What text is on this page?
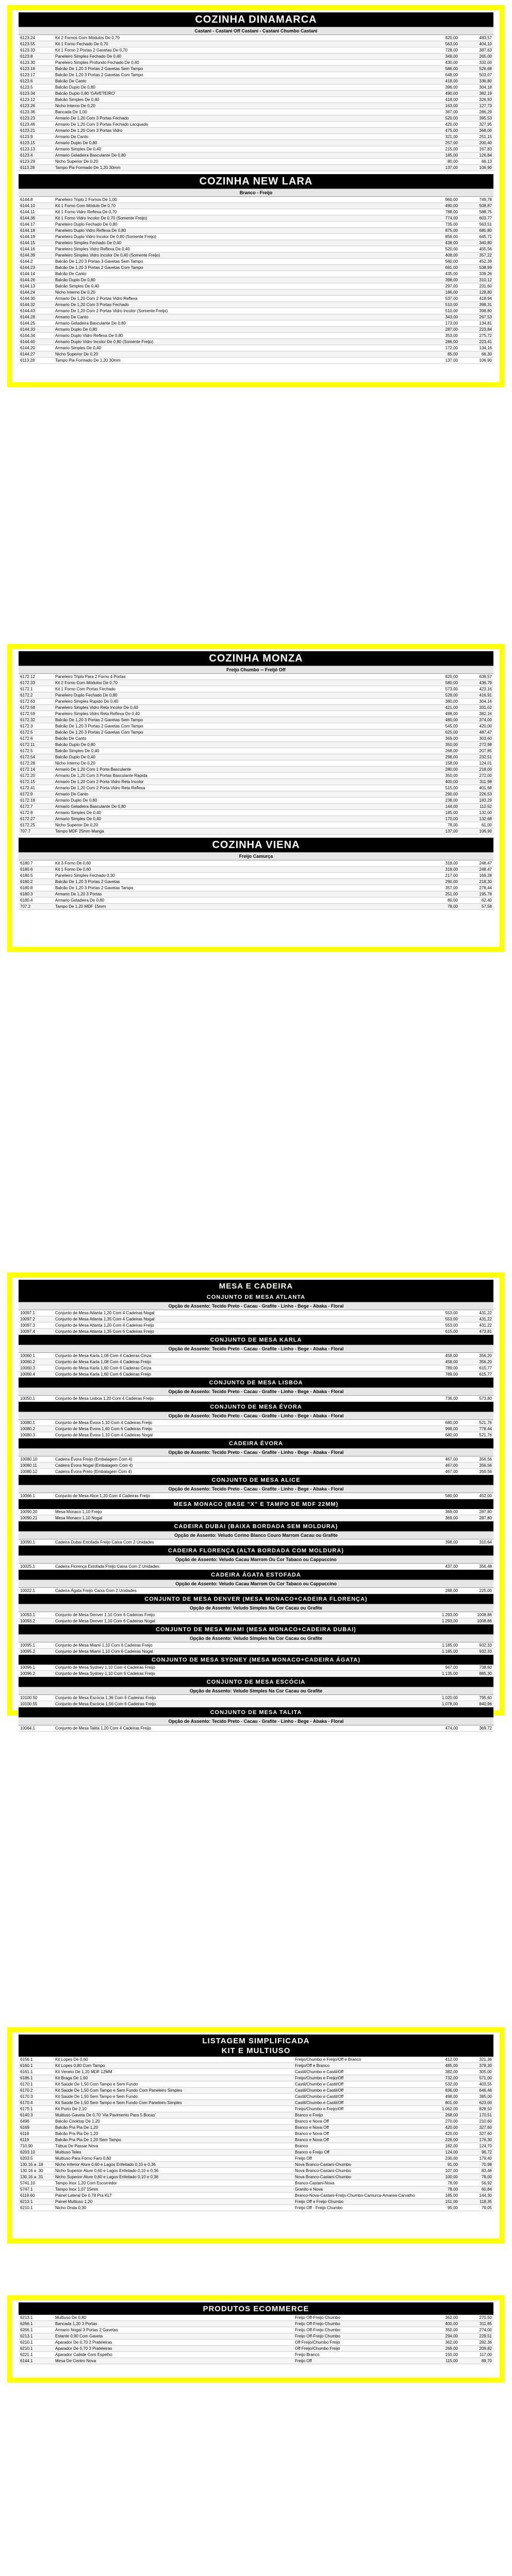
COZINHA DINAMARCA
Castani - Castani Off Castani - Castani Chumbo Castani
6123.24	Kit 2 Fornos Com Módulos De 0,70	820,00	483,57
6123.55	Kit 1 Forno Fechado De 0,70	563,00	404,10
6123.33	Kit 1 Forno 2 Portas 2 Gavetas De 0,70	728,00	387,63
6123.8	Paneleiro Simples Fechado De 0,40	349,00	265,00
6123.30	Paneleiro Simples Profundo Fechado De 0,40	430,00	332,00
6123.16	Balcão De 1,20 3 Portas 2 Gavetas Sem Tampo	586,00	526,68
6123.17	Balcão De 1,20 3 Portas 2 Gavetas Com Tampo	648,00	503,07
6123.6	Balcão De Canto	418,00	336,80
6123.5	Balcão Duplo De 0,80	396,00	304,18
6123.34	Balcão Duplo 0,80 'GAVETEIRO'	490,00	382,19
6123.12	Balcão Simples De 0,40	418,00	326,93
6123.26	Nicho Interno De 0,20	163,00	127,73
6123.36	Bancada De 1,00	367,00	286,29
6123.23	Armario De 1,20 Com 3 Portas Fechado	520,00	395,53
6123.46	Armario De 1,20 Com 3 Portas Fechado Lacquado	420,00	327,95
6123.21	Armario De 1,20 Com 3 Portas Vidro	475,00	368,00
6123.9	Armario De Canto	321,00	251,15
6123.15	Armario Duplo De 0,80	257,00	200,40
6123.13	Armario Simples De 0,40	215,00	167,83
6123.4	Armario Geladeira Basculante De 0,80	185,00	126,84
6123.29	Nicho Superior De 0,20	80,00	66,13
6113.28	Tampo Pia Formado De 1,20 30mm	137,00	106,90
COZINHA NEW LARA
Branco - Freijo
6144.8	Paneleiro Triplo 2 Fornos De 1,00	960,00	749,78
6144.10	Kit 1 Forno Com Módulo De 0,70	490,00	508,87
6144.11	Kit 1 Forno Vidro Reflexa De 0,70	788,00	588,75
6144.36	Kit 1 Forno Vidro Incolor De 0,70 (Somente Freijo)	774,00	603,77
6144.17	Paneleiro Duplo Fechado De 0,80	735,00	563,51
6144.18	Paneleiro Duplo Vidro Reflexa De 0,80	875,00	680,80
6144.19	Paneleiro Duplo Vidro Incolor De 0,80 (Somente Freijo)	856,00	645,71
6144.15	Paneleiro Simples Fechado De 0,40	438,00	340,80
6144.16	Paneleiro Simples Vidro Reflexa De 0,40	520,00	405,56
6144.39	Paneleiro Simples Vidro Incolor De 0,40 (Somente Freijo)	408,00	357,22
6144.2	Balcão De 1,20 3 Portas 3 Gavetas Sem Tampo	580,00	452,39
6144.23	Balcão De 1,20 3 Portas 2 Gavetas Com Tampo	691,00	538,99
6144.14	Balcão De Canto	435,00	339,26
6144.26	Balcão Duplo De 0,80	398,00	310,12
6144.13	Balcão Simples De 0,40	297,00	231,60
6144.24	Nicho Interno De 0,20	186,00	128,80
6144.30	Armario De 1,20 Com 2 Portas Vidro Reflexa	537,00	418,94
6144.32	Armario De 1,20 Com 3 Portas Fechado	510,00	398,31
6144.43	Armario De 1,20 Com 2 Portas Vidro Incolor (Somente Freijo)	510,00	398,80
6144.28	Armario De Canto	343,00	267,53
6144.25	Armario Geladeira Basculante De 0,80	173,00	134,81
6144.33	Armario Duplo De 0,80	287,00	223,84
6144.34	Armario Duplo Vidro Reflexa De 0,80	353,00	275,72
6144.40	Armario Duplo Vidro Incolor De 0,80 (Somente Freijo)	286,00	223,41
6144.20	Armario Simples De 0,40	172,00	134,16
6144.27	Nicho Superior De 0,20	85,00	66,30
6113.28	Tampo Pia Formado De 1,20 30mm	137,00	106,90
COZINHA MONZA
Freijo Chumbo -- Freijó Off
6172.12	Paneleiro Triplo Para 2 Forno 4 Portas	820,00	639,57
6172.33	Kit 2 Forno Com Módulos De 0,70	580,00	436,79
6172.1	Kit 1 Forno Com Portas Fechado	573,00	423,16
6172.2	Paneleiro Duplo Fechado De 0,80	528,00	416,91
6172.63	Paneleiro Simples Rupido De 0,40	380,00	304,16
6172.58	Paneleiro Simples Vidro Reta Incolor De 0,40	421,00	331,02
6172.59	Paneleiro Simples Vidro Reta Reflexa De 0,40	498,00	382,16
6172.32	Balcão De 1,20 3 Portas 2 Gavetas Sem Tampo	480,00	374,00
6172.3	Balcão De 1,20 3 Portas 2 Gavetas Com Tampo	545,00	420,00
6172.5	Balcão De 1,20 3 Portas 2 Gavetas Com Tampo	625,00	487,47
6172.6	Balcão De Canto	369,00	303,60
6172.11	Balcão Duplo De 0,80	350,00	272,98
6172.5	Balcão Simples De 0,40	268,00	207,85
6172.54	Balcão Duplo De 0,40	298,00	232,51
6172.28	Nicho Interno De 0,20	158,00	124,01
6172.14	Armario De 1,20 Com 1 Porta Basculante	280,00	218,00
6172.20	Armario De 1,20 Com 3 Portas Basculante Rapida	350,00	272,00
6172.15	Armario De 1,20 Com 2 Porta Vidro Reta Incolor	400,00	311,98
6172.41	Armario De 1,20 Com 2 Porta Vidro Reta Reflexa	515,00	401,68
6172.9	Armario De Canto	290,00	226,53
6172.18	Armario Duplo De 0,80	238,00	183,29
6172.7	Armario Geladeira Basculante De 0,80	144,00	112,52
6172.8	Armario Simples De 0,40	185,00	132,00
6172.27	Armario Simples De 0,40	170,00	132,68
6172.25	Nicho Superior De 0,20	78,00	61,00
707.7	Tampo MDF 25mm Manga	137,00	106,90
COZINHA VIENA
Freijo Camurça
6180.7	Kit 3 Forno De 0,60	318,00	248,47
6180.6	Kit 1 Forno De 0,60	318,00	248,47
6180.5	Paneleiro Simples Fechado 0,30	217,00	169,28
6180.2	Balcão De 1,20 3 Portas 2 Gavetas	290,00	218,30
6180.8	Balcão De 1,20 3 Portas 2 Gavetas Tampo	357,00	278,44
6180.3	Armario De 1,20 3 Portas	251,00	195,78
6180.4	Armario Geladeira De 0,80	80,00	62,40
707.2	Tampo De 1,20 MDF 15mm	78,00	57,58
MESA E CADEIRA
CONJUNTO DE MESA ATLANTA
Opção de Assento: Tecido Preto - Cacau - Grafite - Linho - Bege - Abaka - Floral
10097.1	Conjunto de Mesa Atlanta 1,20 Com 4 Cadeiras Nogal	553,00	431,22
10097.2	Conjunto de Mesa Atlanta 1,35 Com 4 Cadeiras Nogal	553,00	431,22
10097.3	Conjunto de Mesa Atlanta 1,20 Com 4 Cadeiras Freijo	553,00	431,22
10097.4	Conjunto de Mesa Atlanta 1,35 Com 6 Cadeiras Freijo	615,00	473,81
CONJUNTO DE MESA KARLA
Opção de Assento: Tecido Preto - Cacau - Grafite - Linho - Bege - Abaka - Floral
10060.1	Conjunto de Mesa Karla 1,08 Com 4 Cadeiras Cinza	458,00	356,20
10060.2	Conjunto de Mesa Karla 1,08 Com 4 Cadeiras Freijo	458,00	356,20
10060.3	Conjunto de Mesa Karla 1,60 Com 6 Cadeiras Cinza	789,00	615,77
10060.4	Conjunto de Mesa Karla 1,60 Com 6 Cadeiras Freijo	789,00	615,77
CONJUNTO DE MESA LISBOA
Opção de Assento: Tecido Preto - Cacau - Grafite - Linho - Bege - Abaka - Floral
10050.1	Conjunto de Mesa Lisboa 1,20 Com 4 Cadeiras Freijo	736,00	573,80
CONJUNTO DE MESA ÉVORA
Opção de Assento: Tecido Preto - Cacau - Grafite - Linho - Bege - Abaka - Floral
10080.1	Conjunto de Mesa Évora 1,10 Com 4 Cadeiras Freijo	680,00	521,76
10080.2	Conjunto de Mesa Évora 1,60 Com 6 Cadeiras Freijo	998,00	778,44
10080.3	Conjunto de Mesa Évora 1,10 Com 4 Cadeiras Nogal	680,00	521,76
CADEIRA ÉVORA
Opção de Assento: Tecido Preto - Cacau - Grafite - Linho - Bege - Abaka - Floral
10080.10	Cadeira Évora Freijo (Embalagem Com 4)	467,00	356,56
10080.11	Cadeira Évora Nogal (Embalagem Com 4)	467,00	356,56
10080.12	Cadeira Évora Preto (Embalagem Com 4)	467,00	356,56
CONJUNTO DE MESA ALICE
Opção de Assento: Tecido Preto - Cacau - Grafite - Linho - Bege - Abaka - Floral
10066.1	Conjunto de Mesa Alice 1,20 Com 4 Cadeiras Freijo	580,00	452,00
MESA MONACO (BASE "X" E TAMPO DE MDF 22MM)
10090.20	Mesa Monaco 1,10 Freijo	369,00	287,80
10090.21	Mesa Monaco 1,10 Nogal	369,00	287,80
CADEIRA DUBAI (BAIXA BORDADA SEM MOLDURA)
Opção de Assento: Veludo Corino Blanco Couro Marrom Cacau ou Grafite
10090.1	Cadeira Dubai Estofada Freijo Caixa Com 2 Unidades	398,00	310,64
CADEIRA FLORENÇA (ALTA BORDADA COM MOLDURA)
Opção de Assento: Veludo Cacau Marrom Ou Cor Tabaco ou Cappuccino
10025.1	Cadeira Florença Estofada Freijo Caixa Com 2 Unidades	437,00	356,48
CADEIRA ÁGATA ESTOFADA
Opção de Assento: Veludo Cacau Marrom Ou Cor Tabaco ou Cappuccino
10022.1	Cadeira Ágata Freijo Caixa Com 2 Unidades	288,00	225,00
CONJUNTO DE MESA DENVER (MESA MONACO+CADEIRA FLORENÇA)
Opção de Assento: Veludo Simples Na Cor Cacau ou Grafite
10093.1	Conjunto de Mesa Denver 1,10 Com 6 Cadeiras Freijo	1.293,00	1008,86
10093.2	Conjunto de Mesa Denver 1,10 Com 6 Cadeiras Nogal	1.293,00	1008,86
CONJUNTO DE MESA MIAMI (MESA MONACO+CADEIRA DUBAI)
Opção de Assento: Veludo Simples Na Cor Cacau ou Grafite
10095.1	Conjunto de Mesa Miami 1,10 Com 6 Cadeiras Freijo	1.185,00	932,33
10095.2	Conjunto de Mesa Miami 1,10 Com 6 Cadeiras Nogal	1.185,00	932,33
CONJUNTO DE MESA SYDNEY (MESA MONACO+CADEIRA ÁGATA)
10096.1	Conjunto de Mesa Sydney 1,10 Com 4 Cadeiras Freijo	947,00	738,60
10096.2	Conjunto de Mesa Sydney 1,10 Com 6 Cadeiras Freijo	1.135,00	885,30
CONJUNTO DE MESA ESCÓCIA
Opção de Assento: Veludo Simples Na Cor Cacau ou Grafite
10100.50	Conjunto de Mesa Escócia 1,36 Com 6 Cadeiras Freijo	1.020,00	795,60
10100.55	Conjunto de Mesa Escócia 1,56 Com 6 Cadeiras Freijo	1.078,00	840,96
CONJUNTO DE MESA TALITA
Opção de Assento: Tecido Preto - Cacau - Grafite - Linho - Bege - Abaka - Floral
10064.1	Conjunto de Mesa Talita 1,20 Com 4 Cadeiras Freijo	474,00	369,72
LISTAGEM SIMPLIFICADA
KIT E MULTIUSO
6156.1	Kit Lopes De 0,60	Freijo/Chumbo e Freijo/Off e Branco	412,00	321,36
6160.1	Kit Lopes 0,80 Com Tampo	Freijo/Off e Branco	485,00	378,30
6161.1	Kit Veneto De 1,20 MDF 12MM	Castil/Chumbo e Castil/Off	382,00	305,00
6186.1	Kit Braga De 1,60	Freijo/Chumbo e Freijo/Off	732,00	571,00
6170.1	Kit Saúde De 1,50 Com Tampo e Sem Fundo	Castil/Chumbo e Castil/Off	532,00	403,55
6170.2	Kit Saúde De 1,50 Com Tampo e Sem Fundo Com Paneleiro Simples	Castil/Chumbo e Castil/Off	836,00	646,46
6170.3	Kit Saúde De 1,50 Sem Tampo e Sem Fundo	Castil/Chumbo e Castil/Off	498,00	385,00
6170.4	Kit Saúde De 1,50 Sem Tampo e Sem Fundo Com Paneleiro Simples	Castil/Chumbo e Castil/Off	801,00	623,00
6175.1	Kit Porto De 2,10	Freijo/Chumbo e Freijo/Off	1.062,00	828,50
6140.3	Multiuso Gaveta De 0,70 'Via Pavimento Para 5 Bocas'	Branco e Freijo	268,00	170,51
6496	Balcão Cooktop De 1,20	Branco e Nova Off	270,00	210,60
6169	Balcão Pra Pia De 1,20	Branco e Nova Off	420,00	327,60
6118	Balcão Pra Pia De 1,20	Branco e Nova Off	420,00	327,60
6119	Balcão Pra Pia De 1,20 Sem Tampo	Branco e Nova Off	226,00	176,30
710.90	Tábua De Passar Nova	Branco	182,00	124,70
6203.10	Multiuso Teles	Branco e Freijo Off	124,00	96,72
6203.5	Multiuso Para Forno Faro 0,60	Freijo Off	230,00	179,40
130.16 a .18	Nicho Inferior Alure 0,60 e Lagos Enfeitado 0,10 e 0,36	Nova Branco-Castani-Chumbo	91,00	70,98
130.16 a .30	Nicho Superior Alure 0,60 e Lagos Enfeitado 0,10 e 0,36	Nova Branco-Castani-Chumbo	107,00	83,46
130.16 a .31	Nicho Superior Alure 0,60 e Lagos Enfeitado 0,10 e 0,36	Nova Branco-Castani-Chumbo	100,00	78,00
5741.10	Tampo Inox 1,20 Com Escorredor	Branco-Castani-Nova	78,00	56,92
5747.1	Tampo Inox 1,07 15mm	Granito e Nova	78,00	60,84
6118.60	Painel Lateral De 0,78 Pra KLT	Branco-Nova-Castani-Freijo-Chumbo-Camurca-Amarea-Carvalho	185,00	144,30
6213.1	Painel Multiuso 1,20	Freijo Off e Freijo Chumbo	151,00	118,35
6210.1	Nicho Onda 0,30	Freijo Off - Freijo Chumbo	95,00	79,05
PRODUTOS ECOMMERCE
6213.1	Multiuso De 0,80	Freijo Off-Freijo Chumbo	362,00	270,50
6266.1	Bancada 1,20 3 Portas	Freijo Off-Freijo Chumbo	400,00	311,85
6266.1	Armario Nogal 3 Portas 2 Gavetas	Freijo Off-Freijo Chumbo	350,00	274,00
6213.1	Estante 0,90 Com Gaveta	Freijo Off-Freijo Chumbo	294,00	229,51
6210.1	Aparador De 0,70 2 Prateleiras	Off Freijo/Chumbo Freijo	362,00	282,36
6210.1	Aparador De 0,70 3 Prateleiras	Off Freijo/Chumbo Freijo	269,00	209,82
6221.1	Aparador Cabide Com Espelho	Freijo Branco	150,00	117,00
6144.1	Mesa De Centro Nova	Freijo Off	115,00	89,70
